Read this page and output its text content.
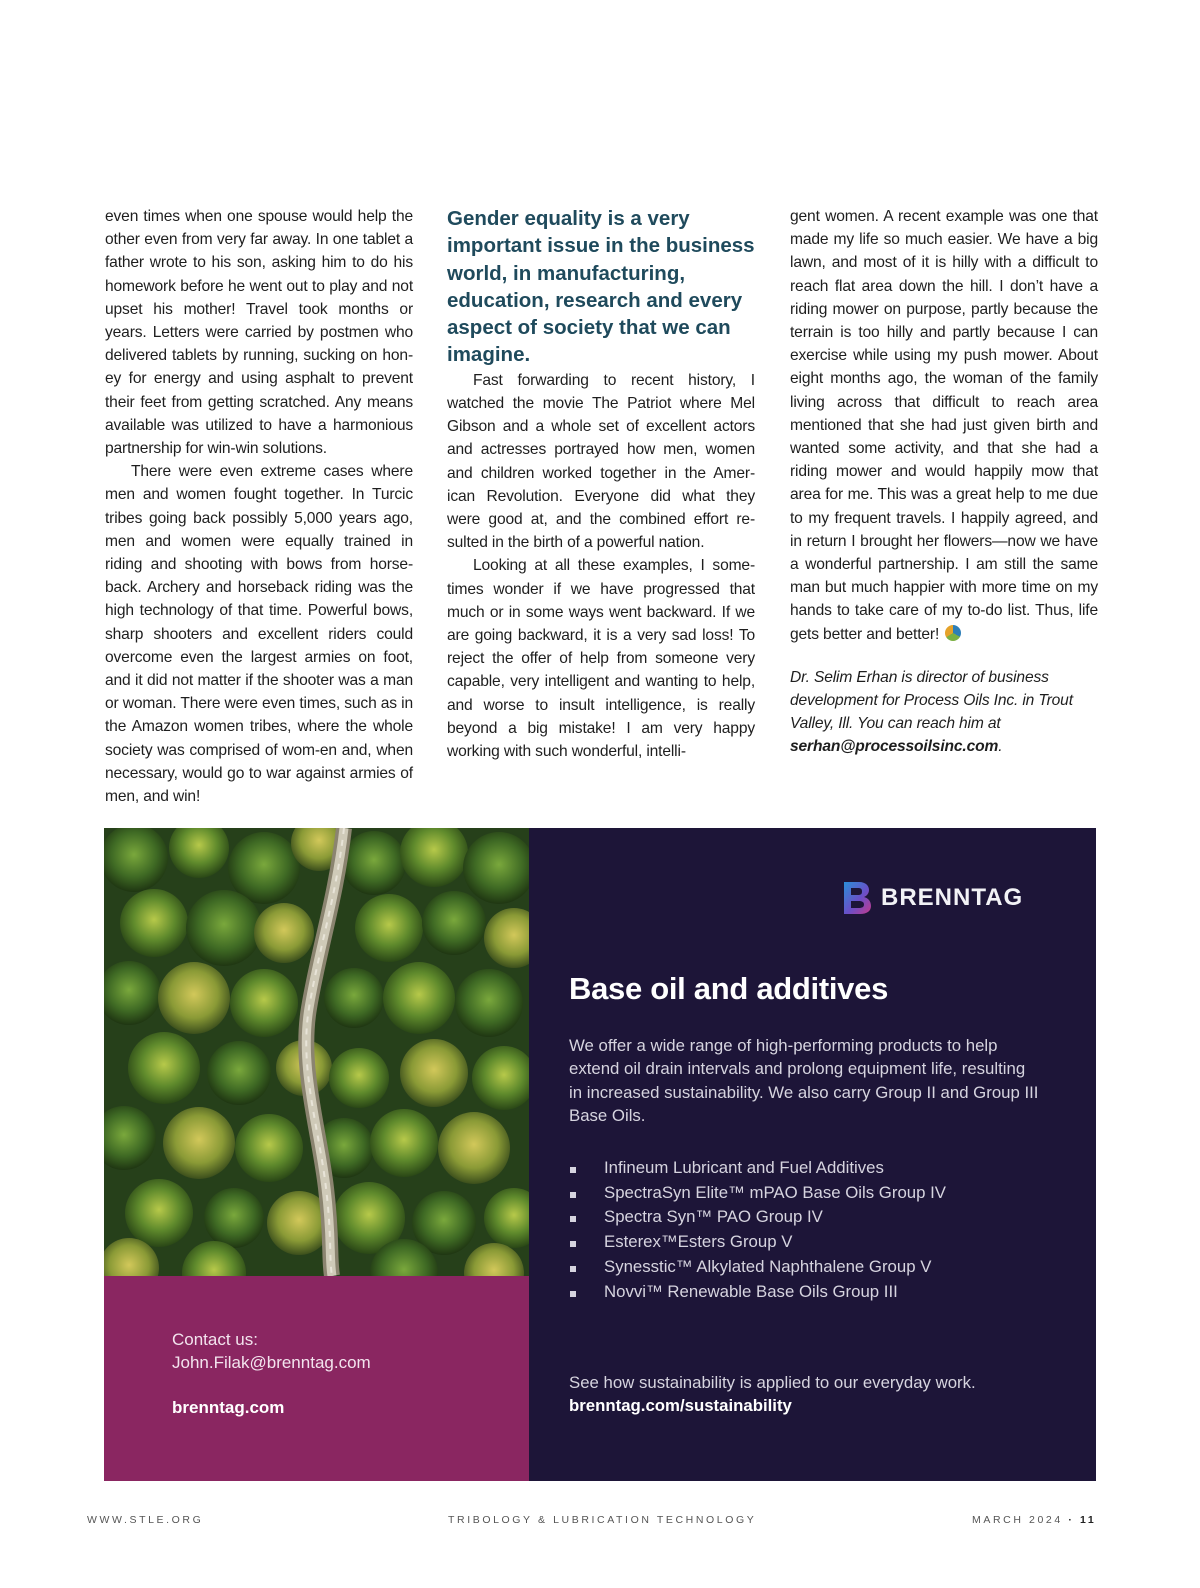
even times when one spouse would help the other even from very far away. In one tablet a father wrote to his son, asking him to do his homework before he went out to play and not upset his mother! Travel took months or years. Letters were carried by postmen who delivered tablets by running, sucking on hon-ey for energy and using asphalt to prevent their feet from getting scratched. Any means available was utilized to have a harmonious partnership for win-win solutions.

There were even extreme cases where men and women fought together. In Turcic tribes going back possibly 5,000 years ago, men and women were equally trained in riding and shooting with bows from horse-back. Archery and horseback riding was the high technology of that time. Powerful bows, sharp shooters and excellent riders could overcome even the largest armies on foot, and it did not matter if the shooter was a man or woman. There were even times, such as in the Amazon women tribes, where the whole society was comprised of wom-en and, when necessary, would go to war against armies of men, and win!

Gender equality is a very important issue in the business world, in manufacturing, education, research and every aspect of society that we can imagine.

Fast forwarding to recent history, I watched the movie The Patriot where Mel Gibson and a whole set of excellent actors and actresses portrayed how men, women and children worked together in the Amer-ican Revolution. Everyone did what they were good at, and the combined effort re-sulted in the birth of a powerful nation.

Looking at all these examples, I some-times wonder if we have progressed that much or in some ways went backward. If we are going backward, it is a very sad loss! To reject the offer of help from someone very capable, very intelligent and wanting to help, and worse to insult intelligence, is really beyond a big mistake! I am very happy working with such wonderful, intelli-

gent women. A recent example was one that made my life so much easier. We have a big lawn, and most of it is hilly with a difficult to reach flat area down the hill. I don’t have a riding mower on purpose, partly because the terrain is too hilly and partly because I can exercise while using my push mower. About eight months ago, the woman of the family living across that difficult to reach area mentioned that she had just given birth and wanted some activity, and that she had a riding mower and would happily mow that area for me. This was a great help to me due to my frequent travels. I happily agreed, and in return I brought her flowers—now we have a wonderful partnership. I am still the same man but much happier with more time on my hands to take care of my to-do list. Thus, life gets better and better!

Dr. Selim Erhan is director of business development for Process Oils Inc. in Trout Valley, Ill. You can reach him at serhan@processoilsinc.com.

Contact us:
John.Filak@brenntag.com
brenntag.com
BRENNTAG
Base oil and additives
We offer a wide range of high-performing products to help extend oil drain intervals and prolong equipment life, resulting in increased sustainability. We also carry Group II and Group III Base Oils.
Infineum Lubricant and Fuel Additives
SpectraSyn Elite™ mPAO Base Oils Group IV
Spectra Syn™ PAO Group IV
Esterex™Esters Group V
Synesstic™ Alkylated Naphthalene Group V
Novvi™ Renewable Base Oils Group III
See how sustainability is applied to our everyday work.
brenntag.com/sustainability
WWW.STLE.ORG	TRIBOLOGY & LUBRICATION TECHNOLOGY	MARCH 2024 · 11
